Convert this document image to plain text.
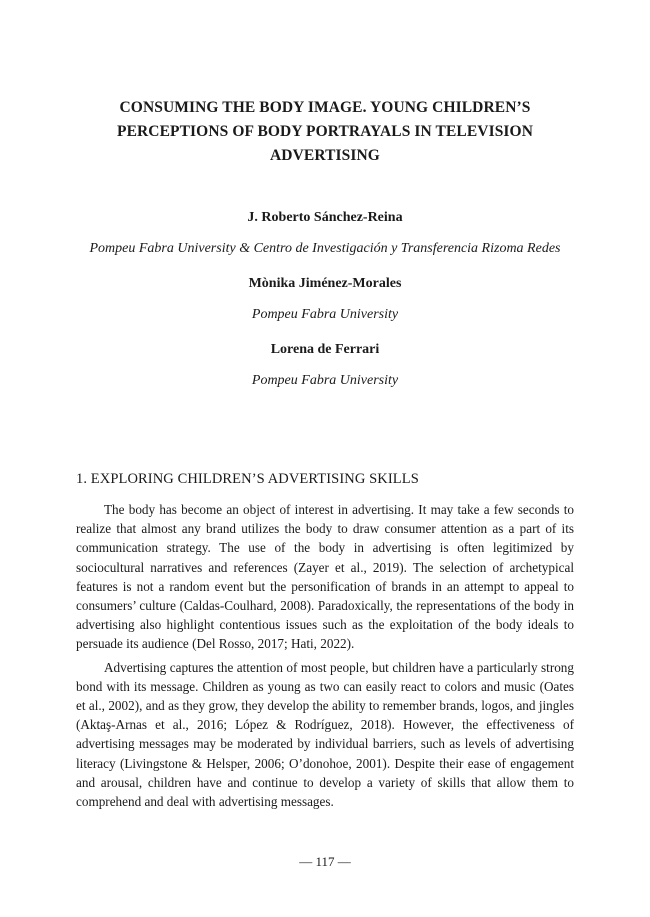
CONSUMING THE BODY IMAGE. YOUNG CHILDREN’S
PERCEPTIONS OF BODY PORTRAYALS IN TELEVISION
ADVERTISING
J. Roberto Sánchez-Reina
Pompeu Fabra University & Centro de Investigación y Transferencia Rizoma Redes
Mònika Jiménez-Morales
Pompeu Fabra University
Lorena de Ferrari
Pompeu Fabra University
1. EXPLORING CHILDREN’S ADVERTISING SKILLS

The body has become an object of interest in advertising. It may take a few seconds to realize that almost any brand utilizes the body to draw consumer attention as a part of its communication strategy. The use of the body in advertising is often legitimized by sociocultural narratives and references (Zayer et al., 2019). The selection of archetypical features is not a random event but the personification of brands in an attempt to appeal to consumers’ culture (Caldas-Coulhard, 2008). Paradoxically, the representations of the body in advertising also highlight contentious issues such as the exploitation of the body ideals to persuade its audience (Del Rosso, 2017; Hati, 2022).

Advertising captures the attention of most people, but children have a particularly strong bond with its message. Children as young as two can easily react to colors and music (Oates et al., 2002), and as they grow, they develop the ability to remember brands, logos, and jingles (Aktaş-Arnas et al., 2016; López & Rodríguez, 2018). However, the effectiveness of advertising messages may be moderated by individual barriers, such as levels of advertising literacy (Livingstone & Helsper, 2006; O’donohoe, 2001). Despite their ease of engagement and arousal, children have and continue to develop a variety of skills that allow them to comprehend and deal with advertising messages.

— 117 —
